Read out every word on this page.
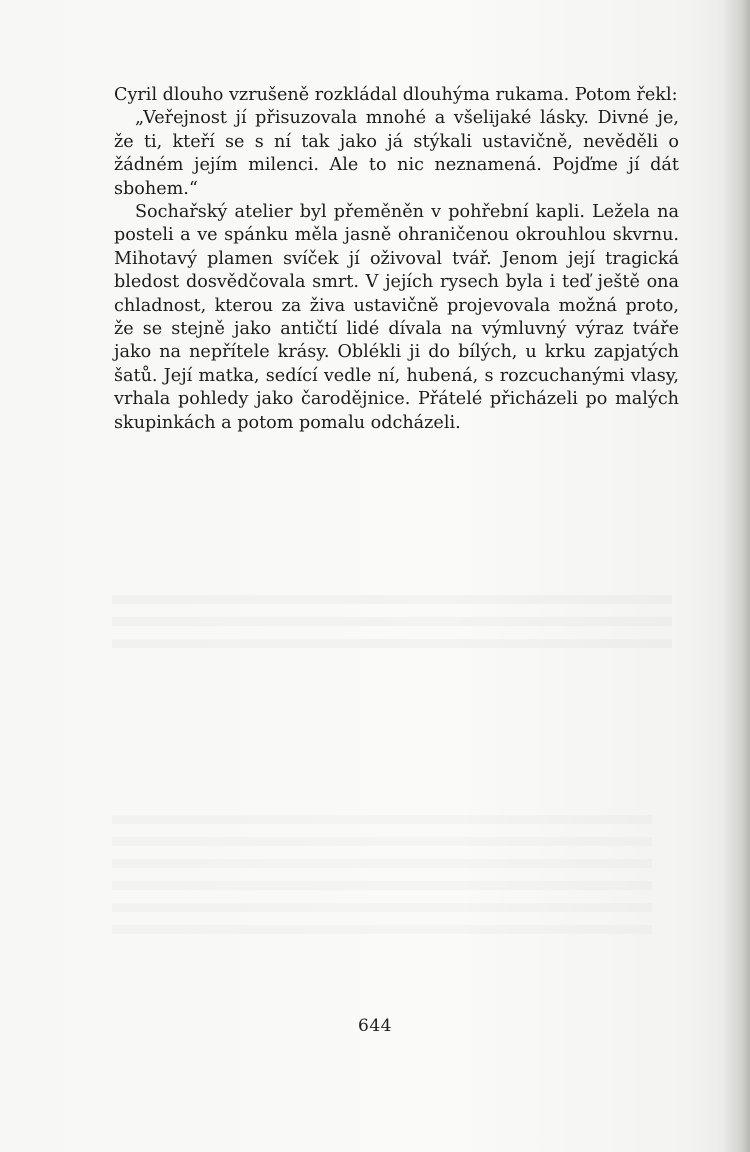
Cyril dlouho vzrušeně rozkládal dlouhýma rukama. Potom řekl:

„Veřejnost jí přisuzovala mnohé a všelijaké lásky. Divné je, že ti, kteří se s ní tak jako já stýkali ustavičně, nevěděli o žádném jejím milenci. Ale to nic neznamená. Pojďme jí dát sbohem.“

Sochařský atelier byl přeměněn v pohřební kapli. Ležela na posteli a ve spánku měla jasně ohraničenou okrouhlou skvrnu. Mihotavý plamen svíček jí oživoval tvář. Jenom její tragická bledost dosvědčovala smrt. V jejích rysech byla i teď ještě ona chladnost, kterou za živa ustavičně projevovala možná proto, že se stejně jako antičtí lidé dívala na výmluvný výraz tváře jako na nepřítele krásy. Oblékli ji do bílých, u krku zapjatých šatů. Její matka, sedící vedle ní, hubená, s rozcuchanými vlasy, vrhala pohledy jako čarodějnice. Přátelé přicházeli po malých skupinkách a potom pomalu odcházeli.

644
